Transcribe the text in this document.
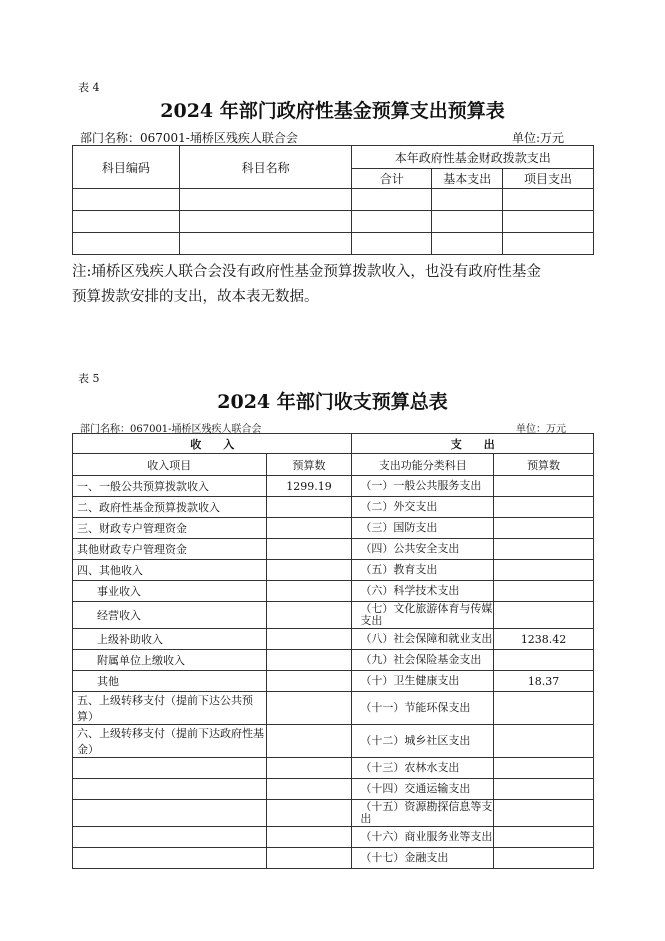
表 4
2024 年部门政府性基金预算支出预算表
部门名称：067001-埇桥区残疾人联合会	单位:万元
科目编码	科目名称	本年政府性基金财政拨款支出		
		合计	基本支出	项目支出

注:埇桥区残疾人联合会没有政府性基金预算拨款收入，也没有政府性基金
预算拨款安排的支出，故本表无数据。
表 5
2024 年部门收支预算总表
部门名称：067001-埇桥区残疾人联合会	单位：万元
收　　入		支　　出	
收入项目	预算数	支出功能分类科目	预算数
一、一般公共预算拨款收入	1299.19	（一）一般公共服务支出	
二、政府性基金预算拨款收入		（二）外交支出	
三、财政专户管理资金		（三）国防支出	
其他财政专户管理资金		（四）公共安全支出	
四、其他收入		（五）教育支出	
事业收入		（六）科学技术支出	
经营收入		（七）文化旅游体育与传媒支出	
上级补助收入		（八）社会保障和就业支出	1238.42
附属单位上缴收入		（九）社会保险基金支出	
其他		（十）卫生健康支出	18.37
五、上级转移支付（提前下达公共预算）		（十一）节能环保支出	
六、上级转移支付（提前下达政府性基金）		（十二）城乡社区支出	
		（十三）农林水支出	
		（十四）交通运输支出	
		（十五）资源勘探信息等支出	
		（十六）商业服务业等支出	
		（十七）金融支出	
